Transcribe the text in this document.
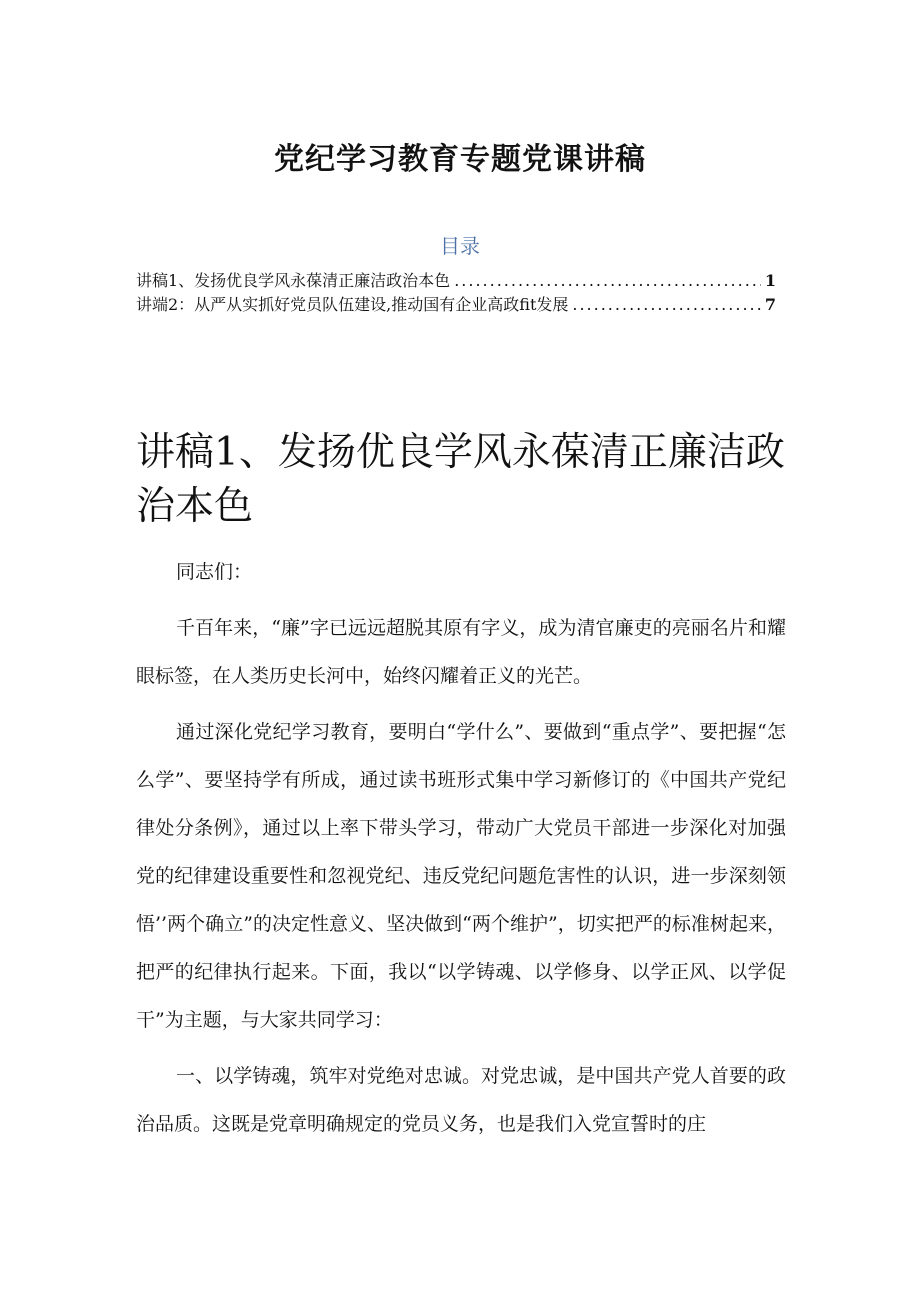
党纪学习教育专题党课讲稿
目录
讲稿1、发扬优良学风永葆清正廉洁政治本色 .....	1
讲端2：从严从实抓好党员队伍建设,推动国有企业高政fit发展 .....	7
讲稿1、发扬优良学风永葆清正廉洁政治本色

同志们：

千百年来，“廉”字已远远超脱其原有字义，成为清官廉吏的亮丽名片和耀眼标签，在人类历史长河中，始终闪耀着正义的光芒。

通过深化党纪学习教育，要明白“学什么”、要做到“重点学”、要把握“怎么学”、要坚持学有所成，通过读书班形式集中学习新修订的《中国共产党纪律处分条例》，通过以上率下带头学习，带动广大党员干部进一步深化对加强党的纪律建设重要性和忽视党纪、违反党纪问题危害性的认识，进一步深刻领悟’’两个确立”的决定性意义、坚决做到“两个维护”，切实把严的标准树起来，把严的纪律执行起来。下面，我以“以学铸魂、以学修身、以学正风、以学促干”为主题，与大家共同学习：

一、以学铸魂，筑牢对党绝对忠诚。对党忠诚，是中国共产党人首要的政治品质。这既是党章明确规定的党员义务，也是我们入党宣誓时的庄
